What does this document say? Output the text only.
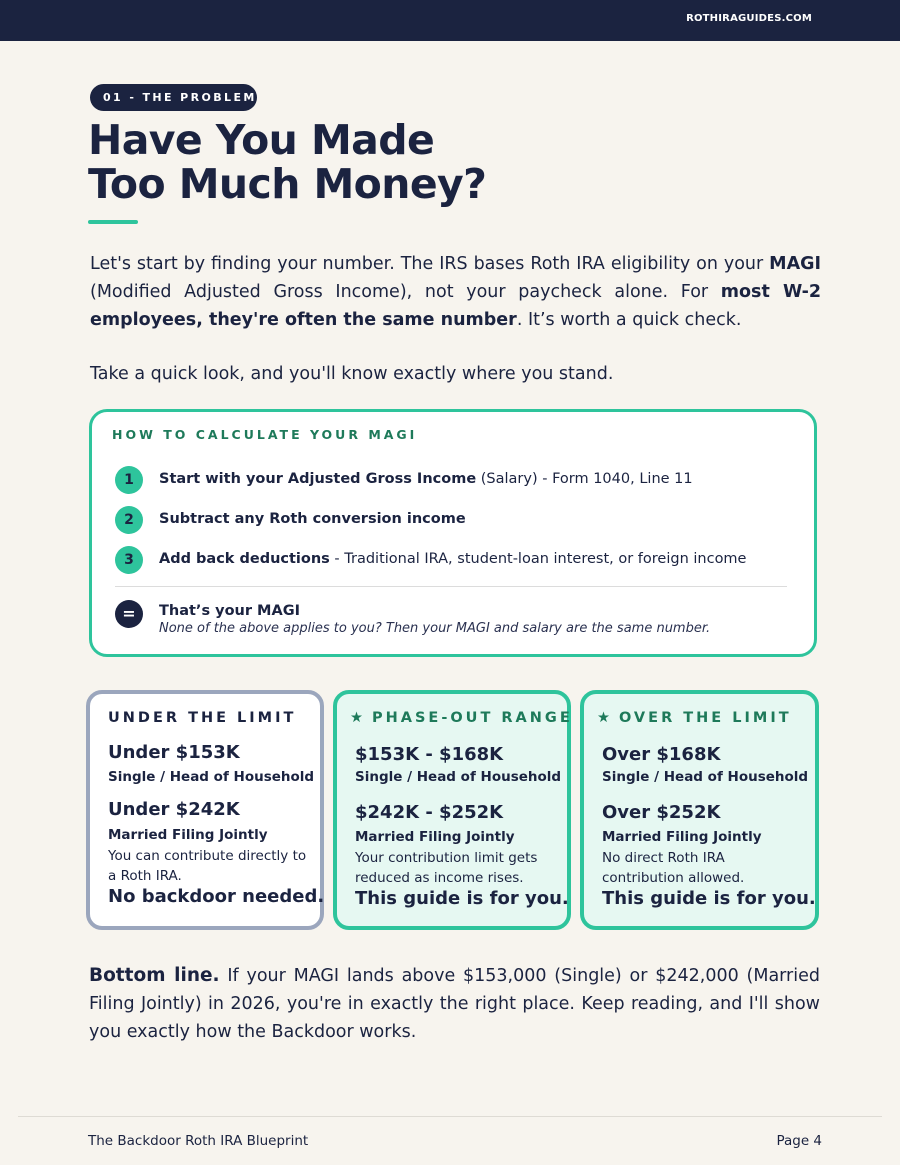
ROTHIRAGUIDES.COM
01 - THE PROBLEM
Have You Made
Too Much Money?

Let's start by finding your number. The IRS bases Roth IRA eligibility on your MAGI (Modified Adjusted Gross Income), not your paycheck alone. For most W-2 employees, they're often the same number. It’s worth a quick check.

Take a quick look, and you'll know exactly where you stand.

HOW TO CALCULATE YOUR MAGI
1	Start with your Adjusted Gross Income (Salary) - Form 1040, Line 11
2	Subtract any Roth conversion income
3	Add back deductions - Traditional IRA, student-loan interest, or foreign income
=	That’s your MAGI
None of the above applies to you? Then your MAGI and salary are the same number.
UNDER THE LIMIT
Under $153K
Single / Head of Household
Under $242K
Married Filing Jointly
You can contribute directly to a Roth IRA.
No backdoor needed.
★ PHASE-OUT RANGE
$153K - $168K
Single / Head of Household
$242K - $252K
Married Filing Jointly
Your contribution limit gets reduced as income rises.
This guide is for you.
★ OVER THE LIMIT
Over $168K
Single / Head of Household
Over $252K
Married Filing Jointly
No direct Roth IRA contribution allowed.
This guide is for you.

Bottom line. If your MAGI lands above $153,000 (Single) or $242,000 (Married Filing Jointly) in 2026, you're in exactly the right place. Keep reading, and I'll show you exactly how the Backdoor works.

The Backdoor Roth IRA Blueprint	Page 4
